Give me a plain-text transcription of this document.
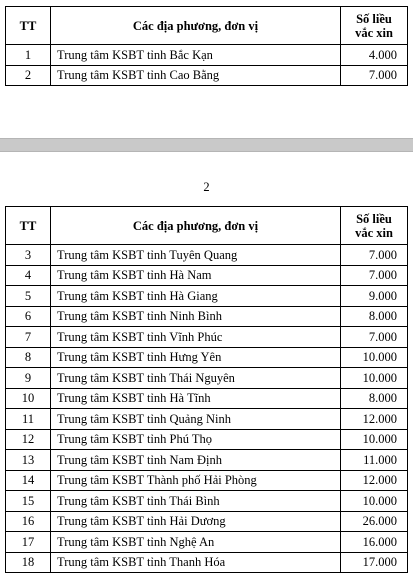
TT	Các địa phương, đơn vị	Số liều
vắc xin
1	Trung tâm KSBT tỉnh Bắc Kạn	4.000
2	Trung tâm KSBT tỉnh Cao Bằng	7.000
2
TT	Các địa phương, đơn vị	Số liều
vắc xin
3	Trung tâm KSBT tỉnh Tuyên Quang	7.000
4	Trung tâm KSBT tỉnh Hà Nam	7.000
5	Trung tâm KSBT tỉnh Hà Giang	9.000
6	Trung tâm KSBT tỉnh Ninh Bình	8.000
7	Trung tâm KSBT tỉnh Vĩnh Phúc	7.000
8	Trung tâm KSBT tỉnh Hưng Yên	10.000
9	Trung tâm KSBT tỉnh Thái Nguyên	10.000
10	Trung tâm KSBT tỉnh Hà Tĩnh	8.000
11	Trung tâm KSBT tỉnh Quảng Ninh	12.000
12	Trung tâm KSBT tỉnh Phú Thọ	10.000
13	Trung tâm KSBT tỉnh Nam Định	11.000
14	Trung tâm KSBT Thành phố Hải Phòng	12.000
15	Trung tâm KSBT tỉnh Thái Bình	10.000
16	Trung tâm KSBT tỉnh Hải Dương	26.000
17	Trung tâm KSBT tỉnh Nghệ An	16.000
18	Trung tâm KSBT tỉnh Thanh Hóa	17.000
